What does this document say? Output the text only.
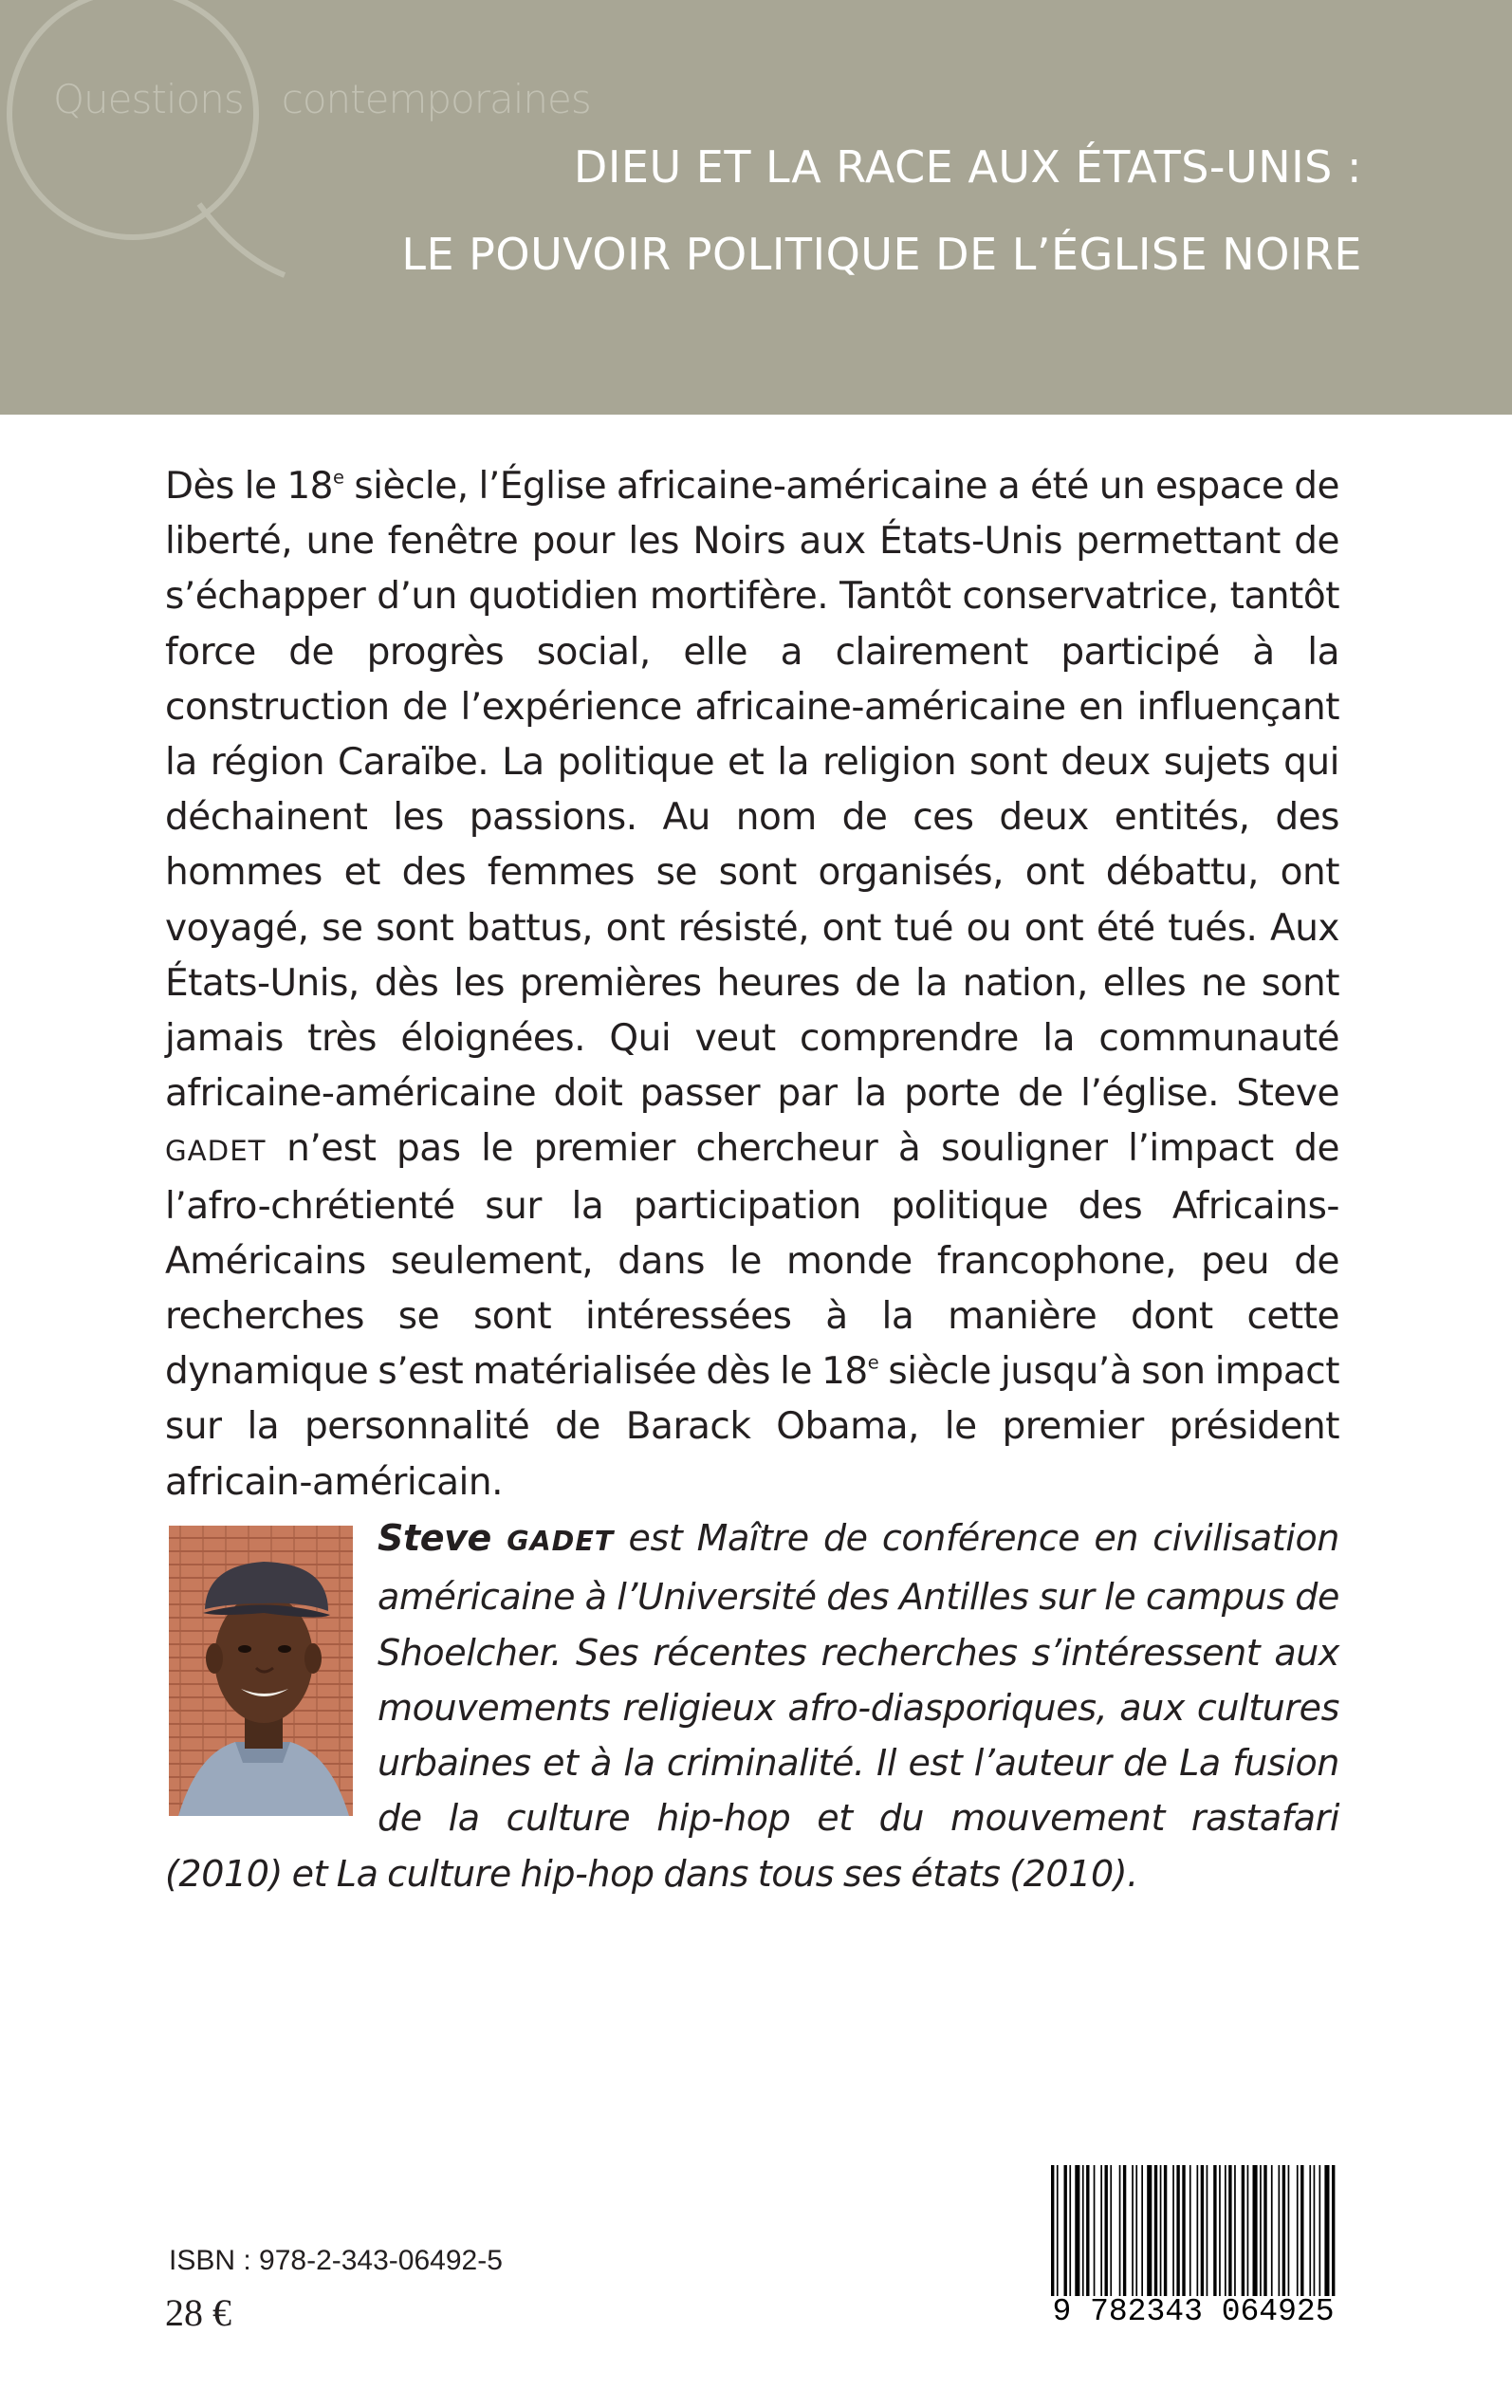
Questions contemporaines
DIEU ET LA RACE AUX ÉTATS-UNIS :
LE POUVOIR POLITIQUE DE L’ÉGLISE NOIRE

Dès le 18e siècle, l’Église africaine-américaine a été un espace de liberté, une fenêtre pour les Noirs aux États-Unis permettant de s’échapper d’un quotidien mortifère. Tantôt conservatrice, tantôt force de progrès social, elle a clairement participé à la construction de l’expérience africaine-américaine en influençant la région Caraïbe. La politique et la religion sont deux sujets qui déchainent les passions. Au nom de ces deux entités, des hommes et des femmes se sont organisés, ont débattu, ont voyagé, se sont battus, ont résisté, ont tué ou ont été tués. Aux États-Unis, dès les premières heures de la nation, elles ne sont jamais très éloignées. Qui veut comprendre la communauté africaine-américaine doit passer par la porte de l’église. Steve GADET n’est pas le premier chercheur à souligner l’impact de l’afro-chrétienté sur la participation politique des Africains-Américains seulement, dans le monde francophone, peu de recherches se sont intéressées à la manière dont cette dynamique s’est matérialisée dès le 18e siècle jusqu’à son impact sur la personnalité de Barack Obama, le premier président africain-américain.

Steve GADET est Maître de conférence en civilisation américaine à l’Université des Antilles sur le campus de Shoelcher. Ses récentes recherches s’intéressent aux mouvements religieux afro-diasporiques, aux cultures urbaines et à la criminalité. Il est l’auteur de La fusion de la culture hip-hop et du mouvement rastafari (2010) et La culture hip-hop dans tous ses états (2010).

ISBN : 978-2-343-06492-5
28 €	9 782343 064925
